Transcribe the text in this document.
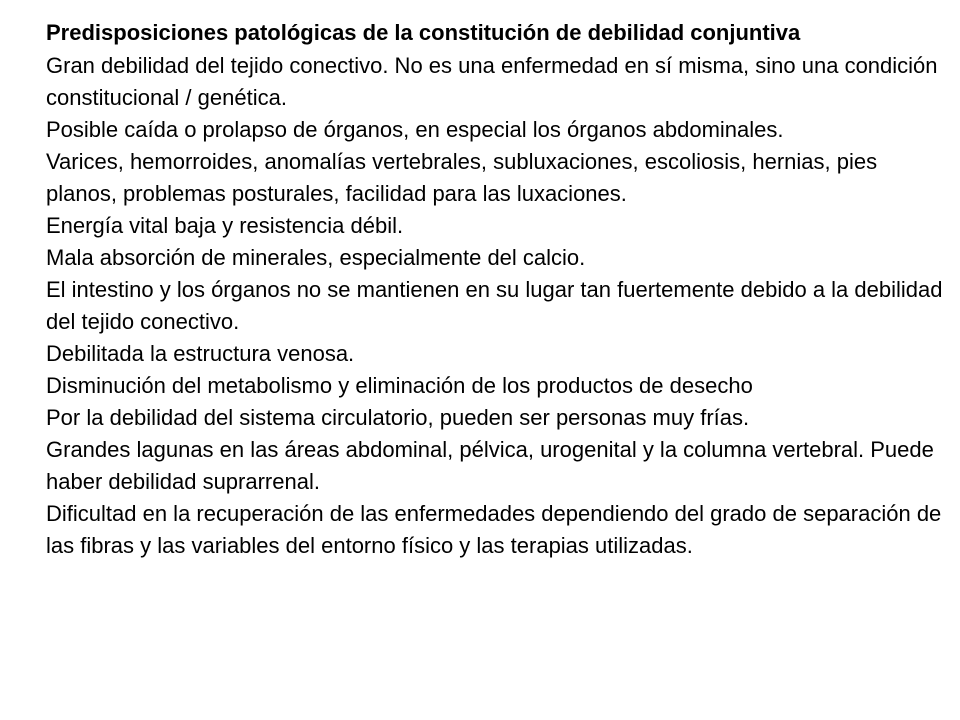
Predisposiciones patológicas de la constitución de debilidad conjuntiva

Gran debilidad del tejido conectivo. No es una enfermedad en sí misma, sino una condición constitucional / genética.

Posible caída o prolapso de órganos, en especial los órganos abdominales.

Varices, hemorroides, anomalías vertebrales, subluxaciones, escoliosis, hernias, pies planos, problemas posturales, facilidad para las luxaciones.

Energía vital baja y resistencia débil.

Mala absorción de minerales, especialmente del calcio.

El intestino y los órganos no se mantienen en su lugar tan fuertemente debido a la debilidad del tejido conectivo.

Debilitada la estructura venosa.

Disminución del metabolismo y eliminación de los productos de desecho

Por la debilidad del sistema circulatorio, pueden ser personas muy frías.

Grandes lagunas en las áreas abdominal, pélvica, urogenital y la columna vertebral. Puede haber debilidad suprarrenal.

Dificultad en la recuperación de las enfermedades dependiendo del grado de separación de las fibras y las variables del entorno físico y las terapias utilizadas.
